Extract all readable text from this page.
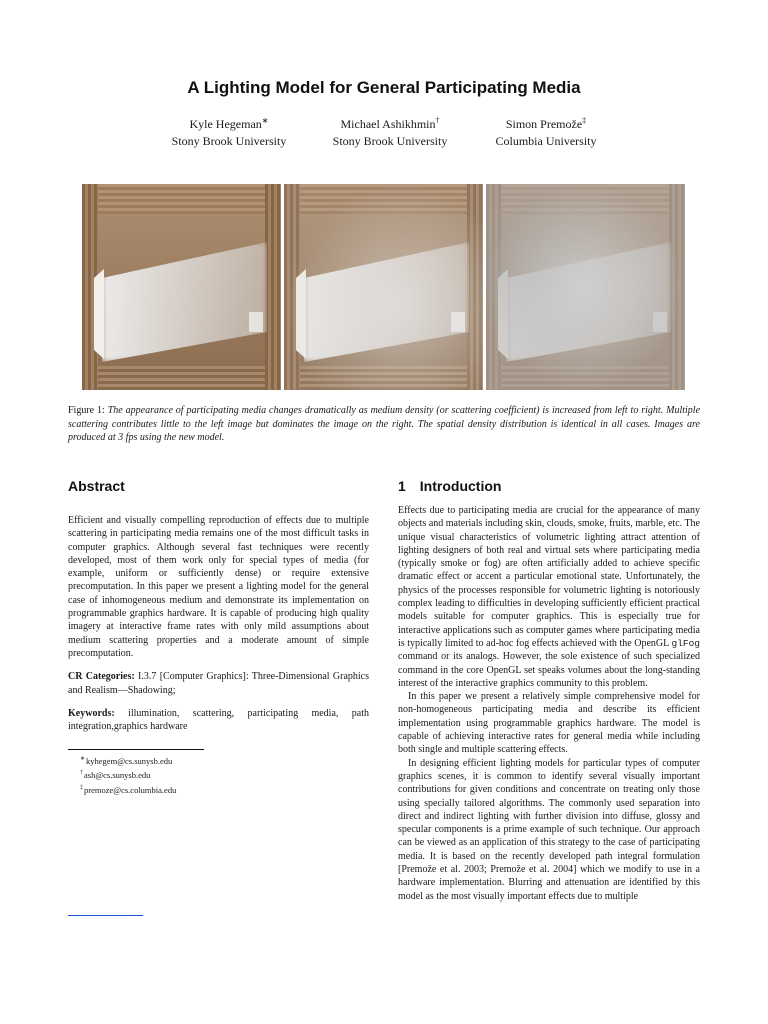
A Lighting Model for General Participating Media
Kyle Hegeman∗
Stony Brook University
Michael Ashikhmin†
Stony Brook University
Simon Premože‡
Columbia University
Figure 1: The appearance of participating media changes dramatically as medium density (or scattering coefficient) is increased from left to right. Multiple scattering contributes little to the left image but dominates the image on the right. The spatial density distribution is identical in all cases. Images are produced at 3 fps using the new model.
Abstract	1 Introduction

Efficient and visually compelling reproduction of effects due to multiple scattering in participating media remains one of the most difficult tasks in computer graphics. Although several fast techniques were recently developed, most of them work only for special types of media (for example, uniform or sufficiently dense) or require extensive precomputation. In this paper we present a lighting model for the general case of inhomogeneous medium and demonstrate its implementation on programmable graphics hardware. It is capable of producing high quality imagery at interactive frame rates with only mild assumptions about medium scattering properties and a moderate amount of simple precomputation.

CR Categories: I.3.7 [Computer Graphics]: Three-Dimensional Graphics and Realism—Shadowing;

Keywords: illumination, scattering, participating media, path integration,graphics hardware

∗kyhegem@cs.sunysb.edu
†ash@cs.sunysb.edu
‡premoze@cs.columbia.edu

Effects due to participating media are crucial for the appearance of many objects and materials including skin, clouds, smoke, fruits, marble, etc. The unique visual characteristics of volumetric lighting attract attention of lighting designers of both real and virtual sets where participating media (typically smoke or fog) are often artificially added to achieve specific dramatic effect or accent a particular emotional state. Unfortunately, the physics of the processes responsible for volumetric lighting is notoriously complex leading to difficulties in developing sufficiently efficient practical models suitable for computer graphics. This is especially true for interactive applications such as computer games where participating media is typically limited to ad-hoc fog effects achieved with the OpenGL glFog command or its analogs. However, the sole existence of such specialized command in the core OpenGL set speaks volumes about the long-standing interest of the interactive graphics community to this problem.

In this paper we present a relatively simple comprehensive model for non-homogeneous participating media and describe its efficient implementation using programmable graphics hardware. The model is capable of achieving interactive rates for general media while including both single and multiple scattering effects.

In designing efficient lighting models for particular types of computer graphics scenes, it is common to identify several visually important contributions for given conditions and concentrate on treating only those using specially tailored algorithms. The commonly used separation into direct and indirect lighting with further division into diffuse, glossy and specular components is a prime example of such technique. Our approach can be viewed as an application of this strategy to the case of participating media. It is based on the recently developed path integral formulation [Premože et al. 2003; Premože et al. 2004] which we modify to use in a hardware implementation. Blurring and attenuation are identified by this model as the most visually important effects due to multiple
